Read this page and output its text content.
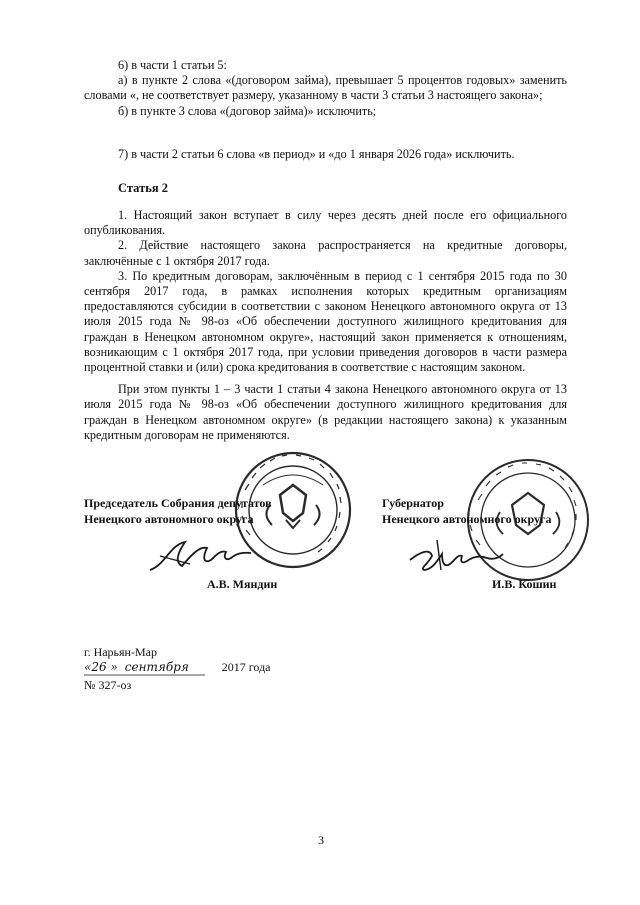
6) в части 1 статьи 5:

а) в пункте 2 слова «(договором займа), превышает 5 процентов годовых» заменить словами «, не соответствует размеру, указанному в части 3 статьи 3 настоящего закона»;

б) в пункте 3 слова «(договор займа)» исключить;

7) в части 2 статьи 6 слова «в период» и «до 1 января 2026 года» исключить.

Статья 2

1. Настоящий закон вступает в силу через десять дней после его официального опубликования.

2. Действие настоящего закона распространяется на кредитные договоры, заключённые с 1 октября 2017 года.

3. По кредитным договорам, заключённым в период с 1 сентября 2015 года по 30 сентября 2017 года, в рамках исполнения которых кредитным организациям предоставляются субсидии в соответствии с законом Ненецкого автономного округа от 13 июля 2015 года № 98-оз «Об обеспечении доступного жилищного кредитования для граждан в Ненецком автономном округе», настоящий закон применяется к отношениям, возникающим с 1 октября 2017 года, при условии приведения договоров в части размера процентной ставки и (или) срока кредитования в соответствие с настоящим законом.

При этом пункты 1 – 3 части 1 статьи 4 закона Ненецкого автономного округа от 13 июля 2015 года № 98-оз «Об обеспечении доступного жилищного кредитования для граждан в Ненецком автономном округе» (в редакции настоящего закона) к указанным кредитным договорам не применяются.

Председатель Собрания депутатов
Ненецкого автономного округа
Губернатор
Ненецкого автономного округа
А.В. Мяндин	И.В. Кошин
г. Нарьян-Мар
«26 » сентября	2017 года
№ 327-оз
3
